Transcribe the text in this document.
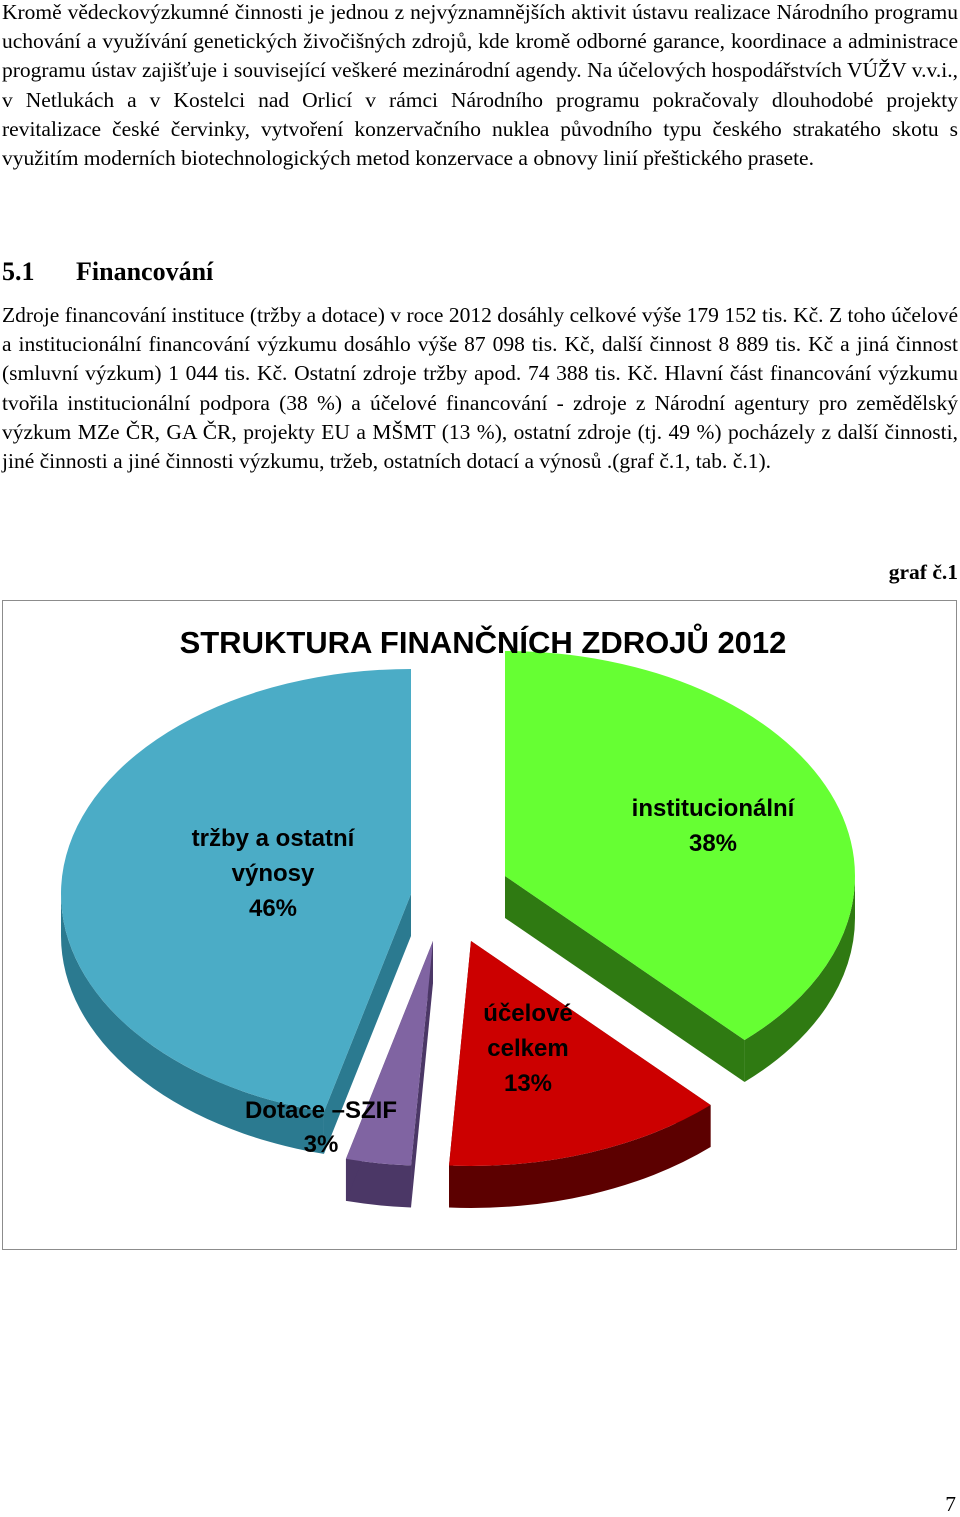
Kromě vědeckovýzkumné činnosti je jednou z nejvýznamnějších aktivit ústavu realizace Národního programu uchování a využívání genetických živočišných zdrojů, kde kromě odborné garance, koordinace a administrace programu ústav zajišťuje i související veškeré mezinárodní agendy. Na účelových hospodářstvích VÚŽV v.v.i., v Netlukách a v Kostelci nad Orlicí v rámci Národního programu pokračovaly dlouhodobé projekty revitalizace české červinky, vytvoření konzervačního nuklea původního typu českého strakatého skotu s využitím moderních biotechnologických metod konzervace a obnovy linií přeštického prasete.

5.1 Financování

Zdroje financování instituce (tržby a dotace) v roce 2012 dosáhly celkové výše 179 152 tis. Kč. Z toho účelové a institucionální financování výzkumu dosáhlo výše 87 098 tis. Kč, další činnost 8 889 tis. Kč a jiná činnost (smluvní výzkum) 1 044 tis. Kč. Ostatní zdroje tržby apod. 74 388 tis. Kč. Hlavní část financování výzkumu tvořila institucionální podpora (38 %) a účelové financování - zdroje z Národní agentury pro zemědělský výzkum MZe ČR, GA ČR, projekty EU a MŠMT (13 %), ostatní zdroje (tj. 49 %) pocházely z další činnosti, jiné činnosti a jiné činnosti výzkumu, tržeb, ostatních dotací a výnosů .(graf č.1, tab. č.1).

graf č.1
STRUKTURA FINANČNÍCH ZDROJŮ 2012
institucionální
38%
účelové
celkem
13%
Dotace –SZIF
3%
tržby a ostatní
výnosy
46%
7
